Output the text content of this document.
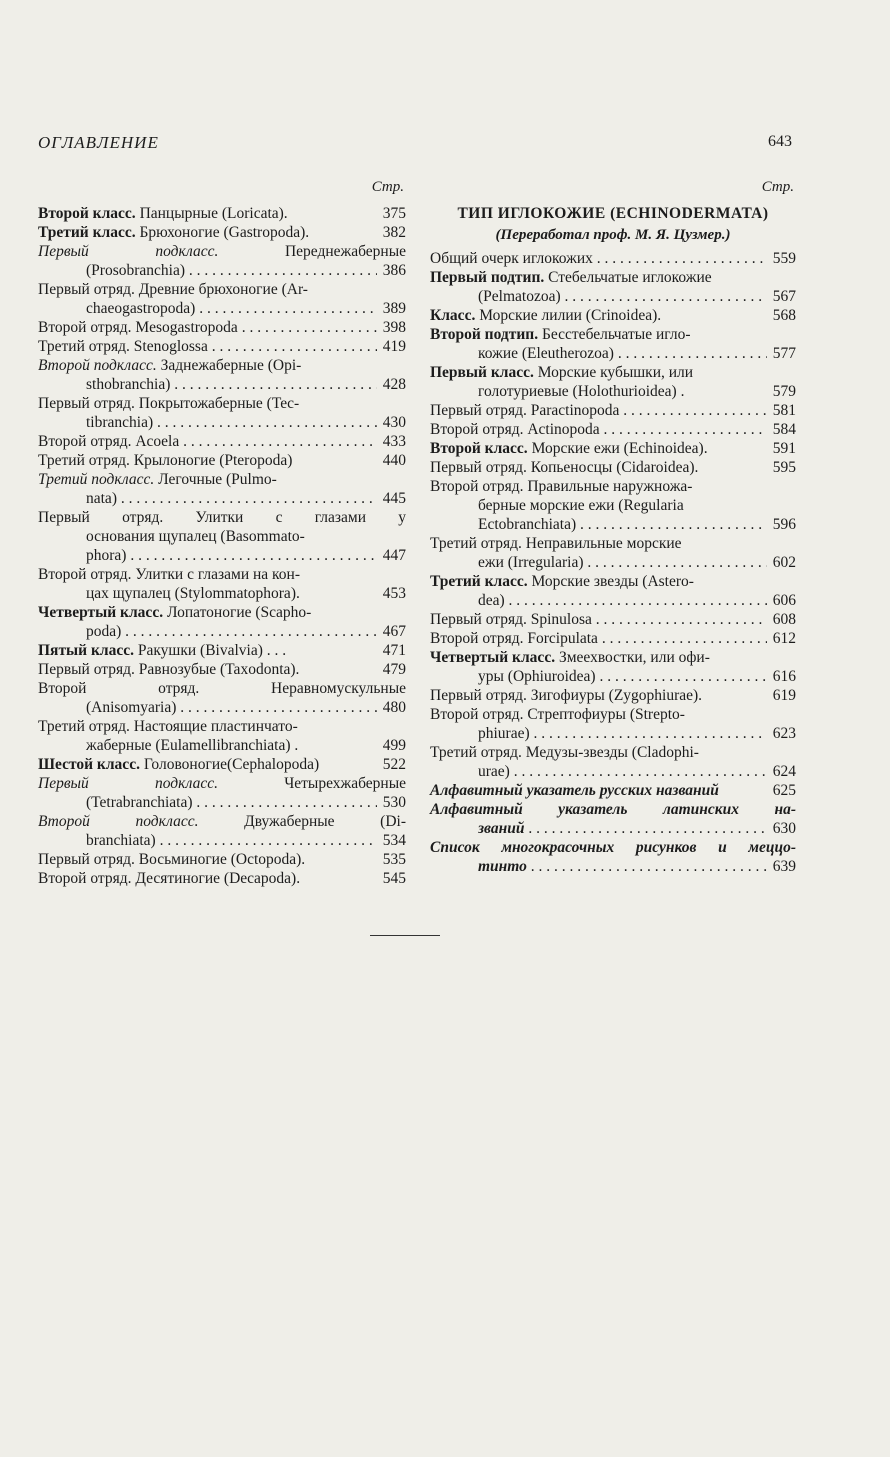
ОГЛАВЛЕНИЕ	643
Стр.
Второй класс. Панцырные (Loricata).	375
Третий класс. Брюхоногие (Gastropoda).	382
Первый подкласс. Переднежаберные
(Prosobranchia) . . .	386
Первый отряд. Древние брюхоногие (Ar-
chaeogastropoda) . . .	389
Второй отряд. Mesogastropoda . . .	398
Третий отряд. Stenoglossa . . .	419
Второй подкласс. Заднежаберные (Opi-
sthobranchia) . . .	428
Первый отряд. Покрытожаберные (Tec-
tibranchia) . . .	430
Второй отряд. Acoela . . .	433
Третий отряд. Крылоногие (Pteropoda)	440
Третий подкласс. Легочные (Pulmo-
nata) . . .	445
Первый отряд. Улитки с глазами у
основания щупалец (Basommato-
phora) . . .	447
Второй отряд. Улитки с глазами на кон-
цах щупалец (Stylommatophora).	453
Четвертый класс. Лопатоногие (Scapho-
poda) . . .	467
Пятый класс. Ракушки (Bivalvia) . . .	471
Первый отряд. Равнозубые (Taxodonta).	479
Второй отряд. Неравномускульные
(Anisomyaria) . . .	480
Третий отряд. Настоящие пластинчато-
жаберные (Eulamellibranchiata) .	499
Шестой класс. Головоногие(Cephalopoda)	522
Первый подкласс. Четырехжаберные
(Tetrabranchiata) . . .	530
Второй подкласс. Двужаберные (Di-
branchiata) . . .	534
Первый отряд. Восьминогие (Octopoda).	535
Второй отряд. Десятиногие (Decapoda).	545
Стр.
ТИП ИГЛОКОЖИЕ (ECHINODERMATA)
(Переработал проф. М. Я. Цузмер.)
Общий очерк иглокожих . . .	559
Первый подтип. Стебельчатые иглокожие
(Pelmatozoa) . . .	567
Класс. Морские лилии (Crinoidea).	568
Второй подтип. Бесстебельчатые игло-
кожие (Eleutherozoa) . . .	577
Первый класс. Морские кубышки, или
голотуриевые (Holothurioidea) .	579
Первый отряд. Paractinopoda . . .	581
Второй отряд. Actinopoda . . .	584
Второй класс. Морские ежи (Echinoidea).	591
Первый отряд. Копьеносцы (Cidaroidea).	595
Второй отряд. Правильные наружножа-
берные морские ежи (Regularia
Ectobranchiata) . . .	596
Третий отряд. Неправильные морские
ежи (Irregularia) . . .	602
Третий класс. Морские звезды (Astero-
dea) . . .	606
Первый отряд. Spinulosa . . .	608
Второй отряд. Forcipulata . . .	612
Четвертый класс. Змеехвостки, или офи-
уры (Ophiuroidea) . . .	616
Первый отряд. Зигофиуры (Zygophiurae).	619
Второй отряд. Стрептофиуры (Strepto-
phiurae) . . .	623
Третий отряд. Медузы-звезды (Cladophi-
urae) . . .	624
Алфавитный указатель русских названий	625
Алфавитный указатель латинских на-
званий . . .	630
Список многокрасочных рисунков и меццо-
тинто . . .	639
